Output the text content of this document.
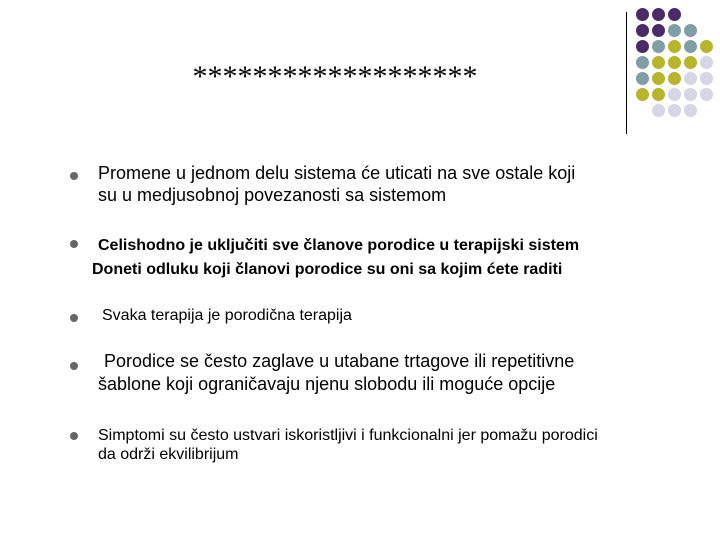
*******************
Promene u jednom delu sistema će uticati na sve ostale koji
su u medjusobnoj povezanosti sa sistemom
Celishodno je uključiti sve članove porodice u terapijski sistem
Doneti odluku koji članovi porodice su oni sa kojim ćete raditi
Svaka terapija je porodična terapija
Porodice se često zaglave u utabane trtagove ili repetitivne
šablone koji ograničavaju njenu slobodu ili moguće opcije
Simptomi su često ustvari iskoristljivi i funkcionalni jer pomažu porodici
da održi ekvilibrijum
